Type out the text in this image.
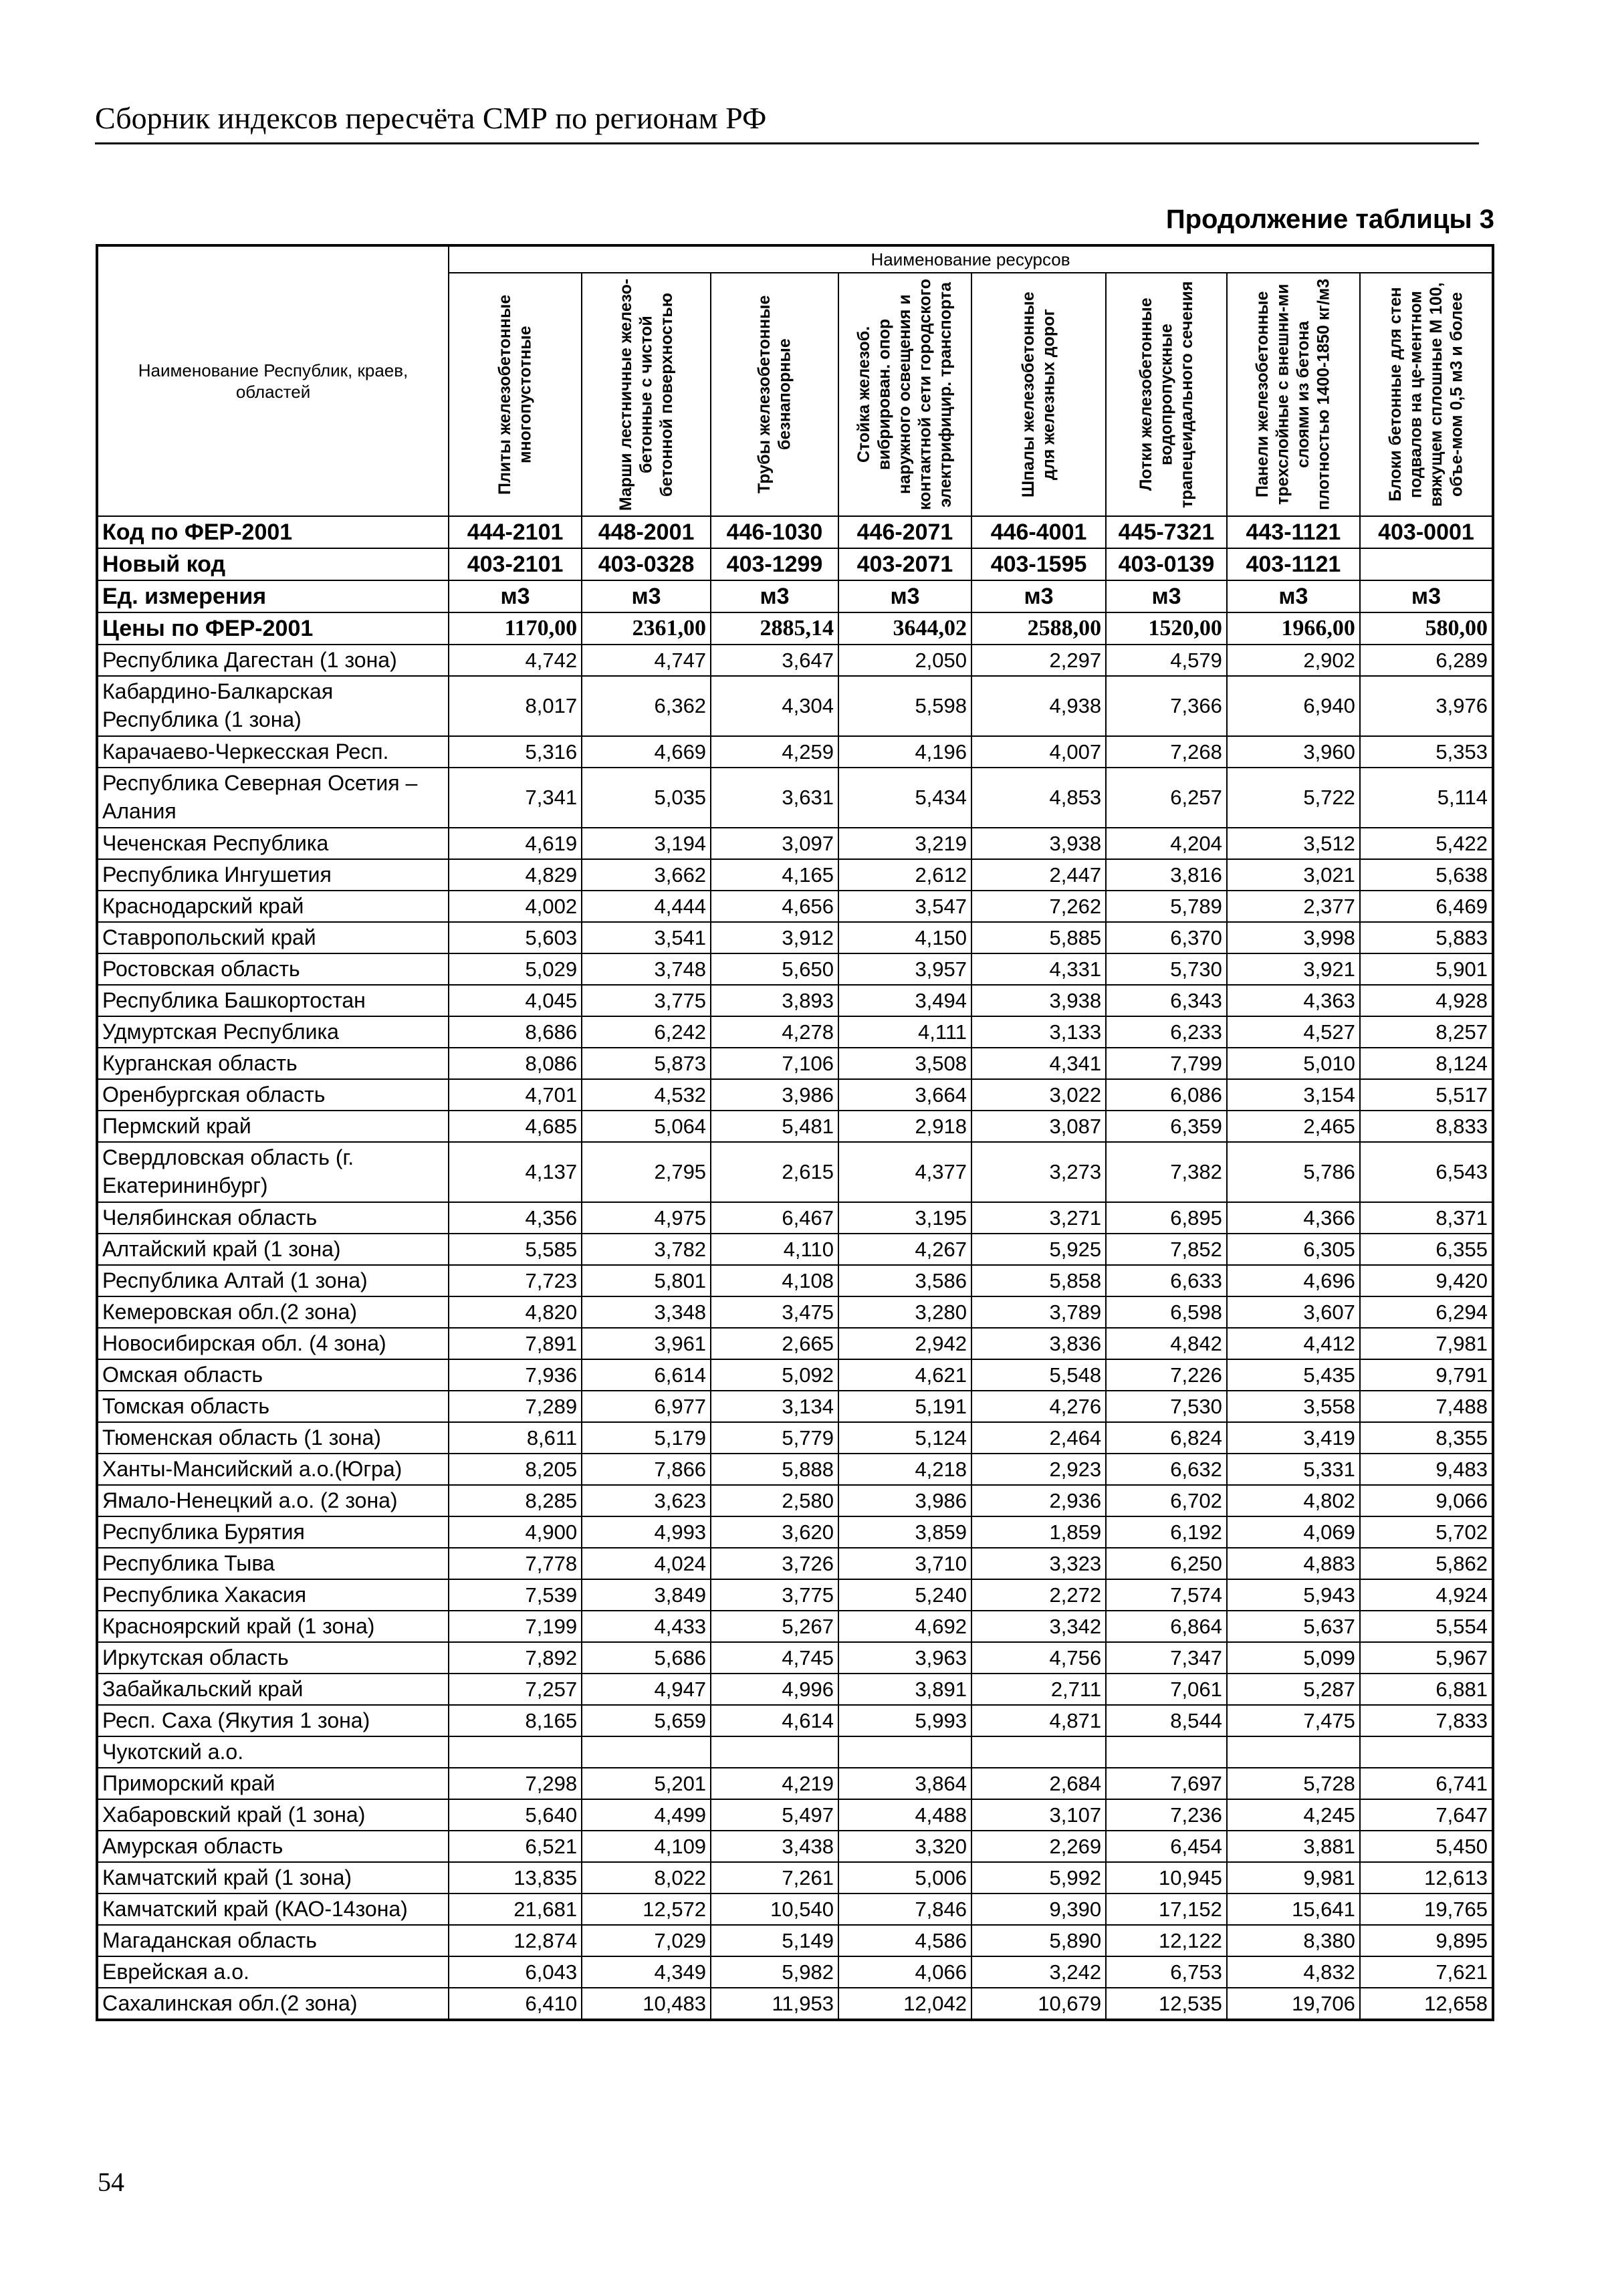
Сборник индексов пересчёта СМР по регионам РФ
Продолжение таблицы 3
Наименование Республик, краев, областей	Наименование ресурсов							

	Плиты железобетонные многопустотные	Марши лестничные железо-бетонные с чистой бетонной поверхностью	Трубы железобетонные безнапорные	Стойка железоб. вибрирован. опор наружного освещения и контактной сети городского электрифицир. транспорта	Шпалы железобетонные для железных дорог	Лотки железобетонные водопропускные трапецеидального сечения	Панели железобетонные трехслойные с внешни-ми слоями из бетона плотностью 1400-1850 кг/м3	Блоки бетонные для стен подвалов на це-ментном вяжущем сплошные М 100, объе-мом 0,5 м3 и более

Код по ФЕР-2001	444-2101	448-2001	446-1030	446-2071	446-4001	445-7321	443-1121	403-0001
Новый код	403-2101	403-0328	403-1299	403-2071	403-1595	403-0139	403-1121	
Ед. измерения	м3	м3	м3	м3	м3	м3	м3	м3
Цены по ФЕР-2001	1170,00	2361,00	2885,14	3644,02	2588,00	1520,00	1966,00	580,00
Республика Дагестан (1 зона)	4,742	4,747	3,647	2,050	2,297	4,579	2,902	6,289
Кабардино-Балкарская Республика (1 зона)	8,017	6,362	4,304	5,598	4,938	7,366	6,940	3,976
Карачаево-Черкесская Респ.	5,316	4,669	4,259	4,196	4,007	7,268	3,960	5,353
Республика Северная Осетия – Алания	7,341	5,035	3,631	5,434	4,853	6,257	5,722	5,114
Чеченская Республика	4,619	3,194	3,097	3,219	3,938	4,204	3,512	5,422
Республика Ингушетия	4,829	3,662	4,165	2,612	2,447	3,816	3,021	5,638
Краснодарский край	4,002	4,444	4,656	3,547	7,262	5,789	2,377	6,469
Ставропольский край	5,603	3,541	3,912	4,150	5,885	6,370	3,998	5,883
Ростовская область	5,029	3,748	5,650	3,957	4,331	5,730	3,921	5,901
Республика Башкортостан	4,045	3,775	3,893	3,494	3,938	6,343	4,363	4,928
Удмуртская Республика	8,686	6,242	4,278	4,111	3,133	6,233	4,527	8,257
Курганская область	8,086	5,873	7,106	3,508	4,341	7,799	5,010	8,124
Оренбургская область	4,701	4,532	3,986	3,664	3,022	6,086	3,154	5,517
Пермский край	4,685	5,064	5,481	2,918	3,087	6,359	2,465	8,833
Свердловская область (г. Екатерининбург)	4,137	2,795	2,615	4,377	3,273	7,382	5,786	6,543
Челябинская область	4,356	4,975	6,467	3,195	3,271	6,895	4,366	8,371
Алтайский край (1 зона)	5,585	3,782	4,110	4,267	5,925	7,852	6,305	6,355
Республика Алтай (1 зона)	7,723	5,801	4,108	3,586	5,858	6,633	4,696	9,420
Кемеровская обл.(2 зона)	4,820	3,348	3,475	3,280	3,789	6,598	3,607	6,294
Новосибирская обл. (4 зона)	7,891	3,961	2,665	2,942	3,836	4,842	4,412	7,981
Омская область	7,936	6,614	5,092	4,621	5,548	7,226	5,435	9,791
Томская область	7,289	6,977	3,134	5,191	4,276	7,530	3,558	7,488
Тюменская область (1 зона)	8,611	5,179	5,779	5,124	2,464	6,824	3,419	8,355
Ханты-Мансийский а.о.(Югра)	8,205	7,866	5,888	4,218	2,923	6,632	5,331	9,483
Ямало-Ненецкий а.о. (2 зона)	8,285	3,623	2,580	3,986	2,936	6,702	4,802	9,066
Республика Бурятия	4,900	4,993	3,620	3,859	1,859	6,192	4,069	5,702
Республика Тыва	7,778	4,024	3,726	3,710	3,323	6,250	4,883	5,862
Республика Хакасия	7,539	3,849	3,775	5,240	2,272	7,574	5,943	4,924
Красноярский край (1 зона)	7,199	4,433	5,267	4,692	3,342	6,864	5,637	5,554
Иркутская область	7,892	5,686	4,745	3,963	4,756	7,347	5,099	5,967
Забайкальский край	7,257	4,947	4,996	3,891	2,711	7,061	5,287	6,881
Респ. Саха (Якутия 1 зона)	8,165	5,659	4,614	5,993	4,871	8,544	7,475	7,833
Чукотский а.о.								
Приморский край	7,298	5,201	4,219	3,864	2,684	7,697	5,728	6,741
Хабаровский край (1 зона)	5,640	4,499	5,497	4,488	3,107	7,236	4,245	7,647
Амурская область	6,521	4,109	3,438	3,320	2,269	6,454	3,881	5,450
Камчатский край (1 зона)	13,835	8,022	7,261	5,006	5,992	10,945	9,981	12,613
Камчатский край (КАО-14зона)	21,681	12,572	10,540	7,846	9,390	17,152	15,641	19,765
Магаданская область	12,874	7,029	5,149	4,586	5,890	12,122	8,380	9,895
Еврейская а.о.	6,043	4,349	5,982	4,066	3,242	6,753	4,832	7,621
Сахалинская обл.(2 зона)	6,410	10,483	11,953	12,042	10,679	12,535	19,706	12,658
54
